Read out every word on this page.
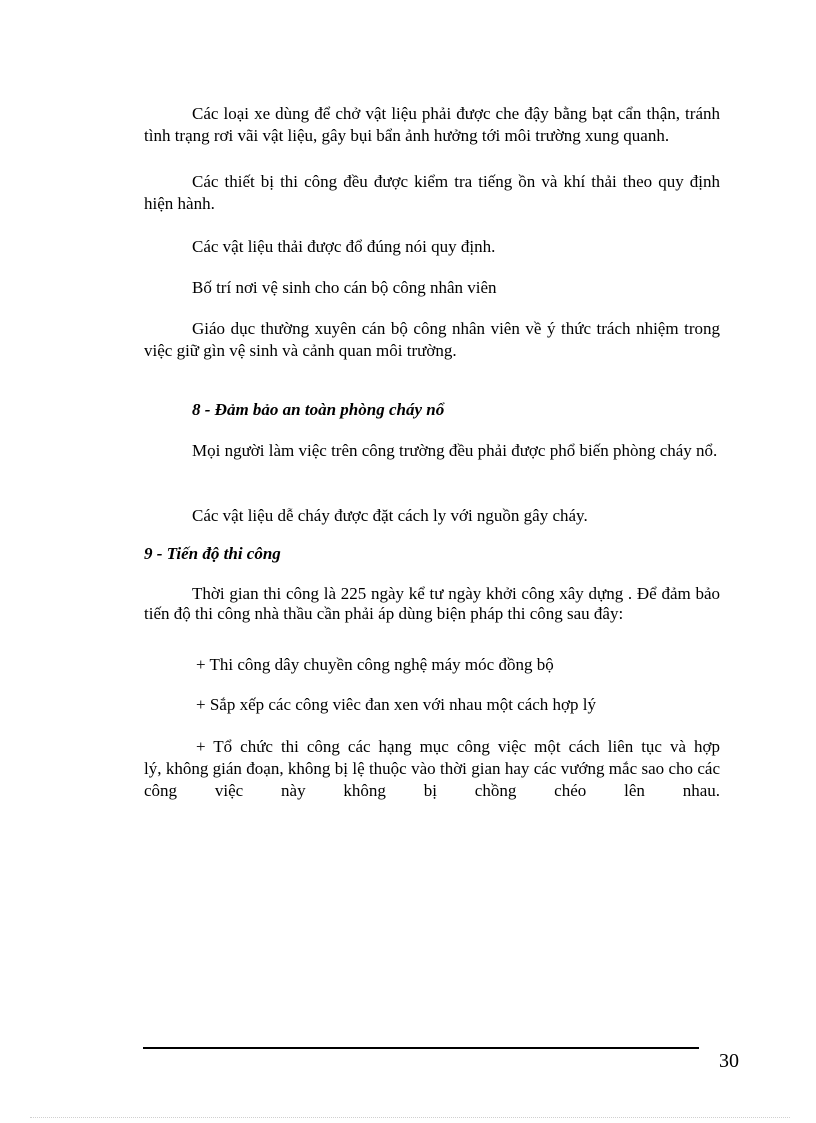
Các loại xe dùng để chở vật liệu phải được che đậy bằng bạt cẩn thận, tránh tình trạng rơi vãi vật liệu, gây bụi bẩn ảnh hưởng tới môi trường xung quanh.

Các thiết bị thi công đều được kiểm tra tiếng ồn và khí thải theo quy định hiện hành.

Các vật liệu thải được đổ đúng nói quy định.

Bố trí nơi vệ sinh cho cán bộ công nhân viên

Giáo dục thường xuyên cán bộ công nhân viên về ý thức trách nhiệm trong việc giữ gìn vệ sinh và cảnh quan môi trường.

8 - Đảm bảo an toàn phòng cháy nổ

Mọi người làm việc trên công trường đều phải được phổ biến phòng cháy nổ.

Các vật liệu dễ cháy được đặt cách ly với nguồn gây cháy.

9 - Tiến độ thi công

Thời gian thi công là 225 ngày kể tư ngày khởi công xây dựng . Để đảm bảo tiến độ thi công nhà thầu cần phải áp dùng biện pháp thi công sau đây:

+ Thi công dây chuyền công nghệ máy móc đồng bộ

+ Sắp xếp các công viêc đan xen với nhau một cách hợp lý

+ Tổ chức thi công các hạng mục công việc một cách liên tục và hợp
lý, không gián đoạn, không bị lệ thuộc vào thời gian hay các vướng mắc sao cho các công việc này không bị chồng chéo lên nhau.
30
